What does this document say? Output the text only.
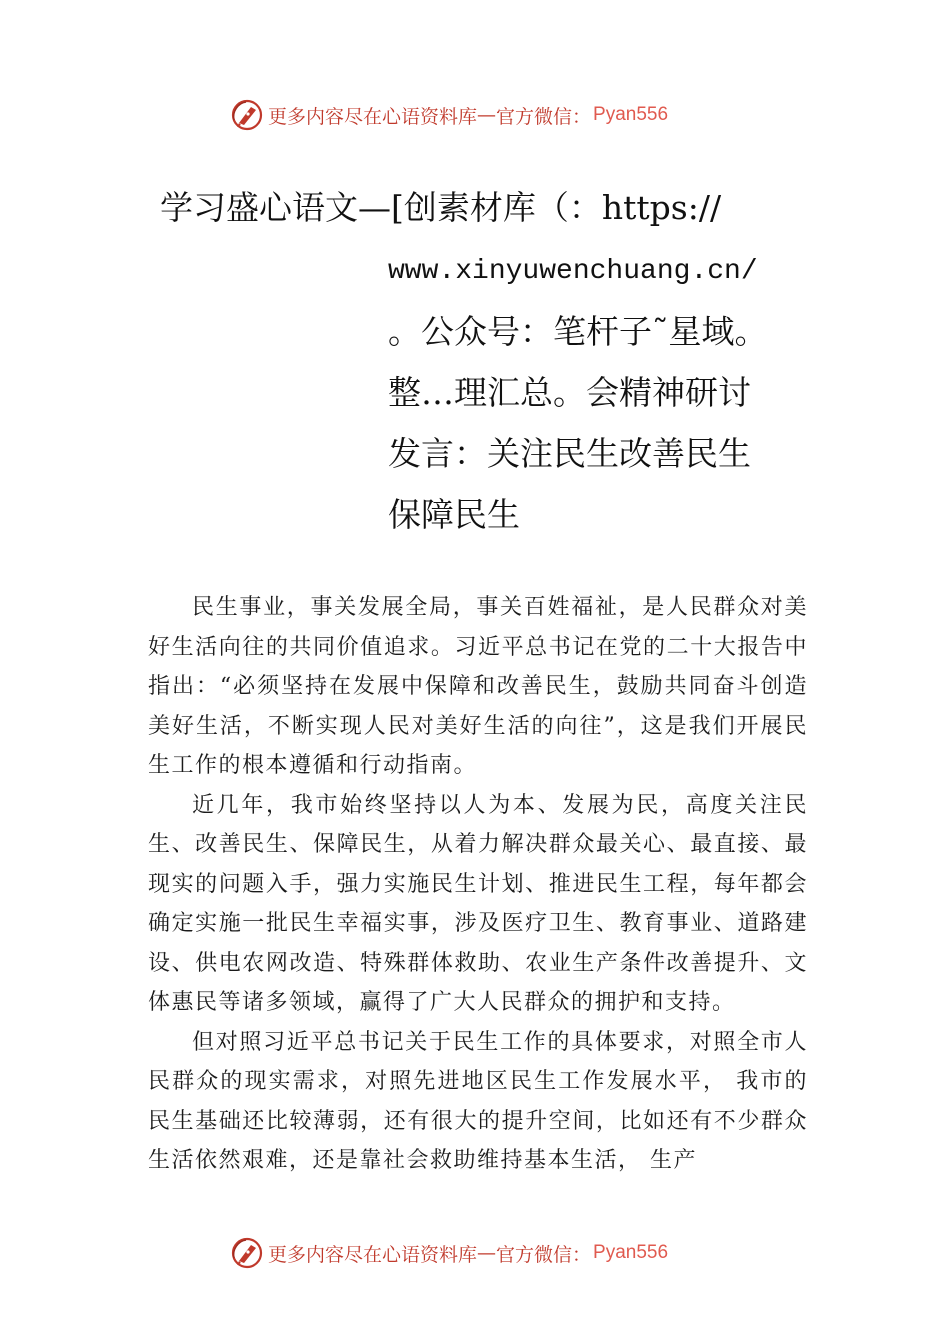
更多内容尽在心语资料库 — 官方微信： Pyan556
学习盛心语文—[创素材库（：https://
www.xinyuwenchuang.cn/
。公众号：笔杆子˜星域。
整…理汇总。会精神研讨
发言：关注民生改善民生
保障民生

民生事业，事关发展全局，事关百姓福祉，是人民群众对美好生活向往的共同价值追求。习近平总书记在党的二十大报告中指出：“必须坚持在发展中保障和改善民生，鼓励共同奋斗创造美好生活，不断实现人民对美好生活的向往”，这是我们开展民生工作的根本遵循和行动指南。

近几年，我市始终坚持以人为本、发展为民，高度关注民生、改善民生、保障民生，从着力解决群众最关心、最直接、最现实的问题入手，强力实施民生计划、推进民生工程，每年都会确定实施一批民生幸福实事，涉及医疗卫生、教育事业、道路建设、供电农网改造、特殊群体救助、农业生产条件改善提升、文体惠民等诸多领域，赢得了广大人民群众的拥护和支持。

但对照习近平总书记关于民生工作的具体要求，对照全市人民群众的现实需求，对照先进地区民生工作发展水平， 我市的民生基础还比较薄弱，还有很大的提升空间，比如还有不少群众生活依然艰难，还是靠社会救助维持基本生活， 生产

更多内容尽在心语资料库 — 官方微信： Pyan556
